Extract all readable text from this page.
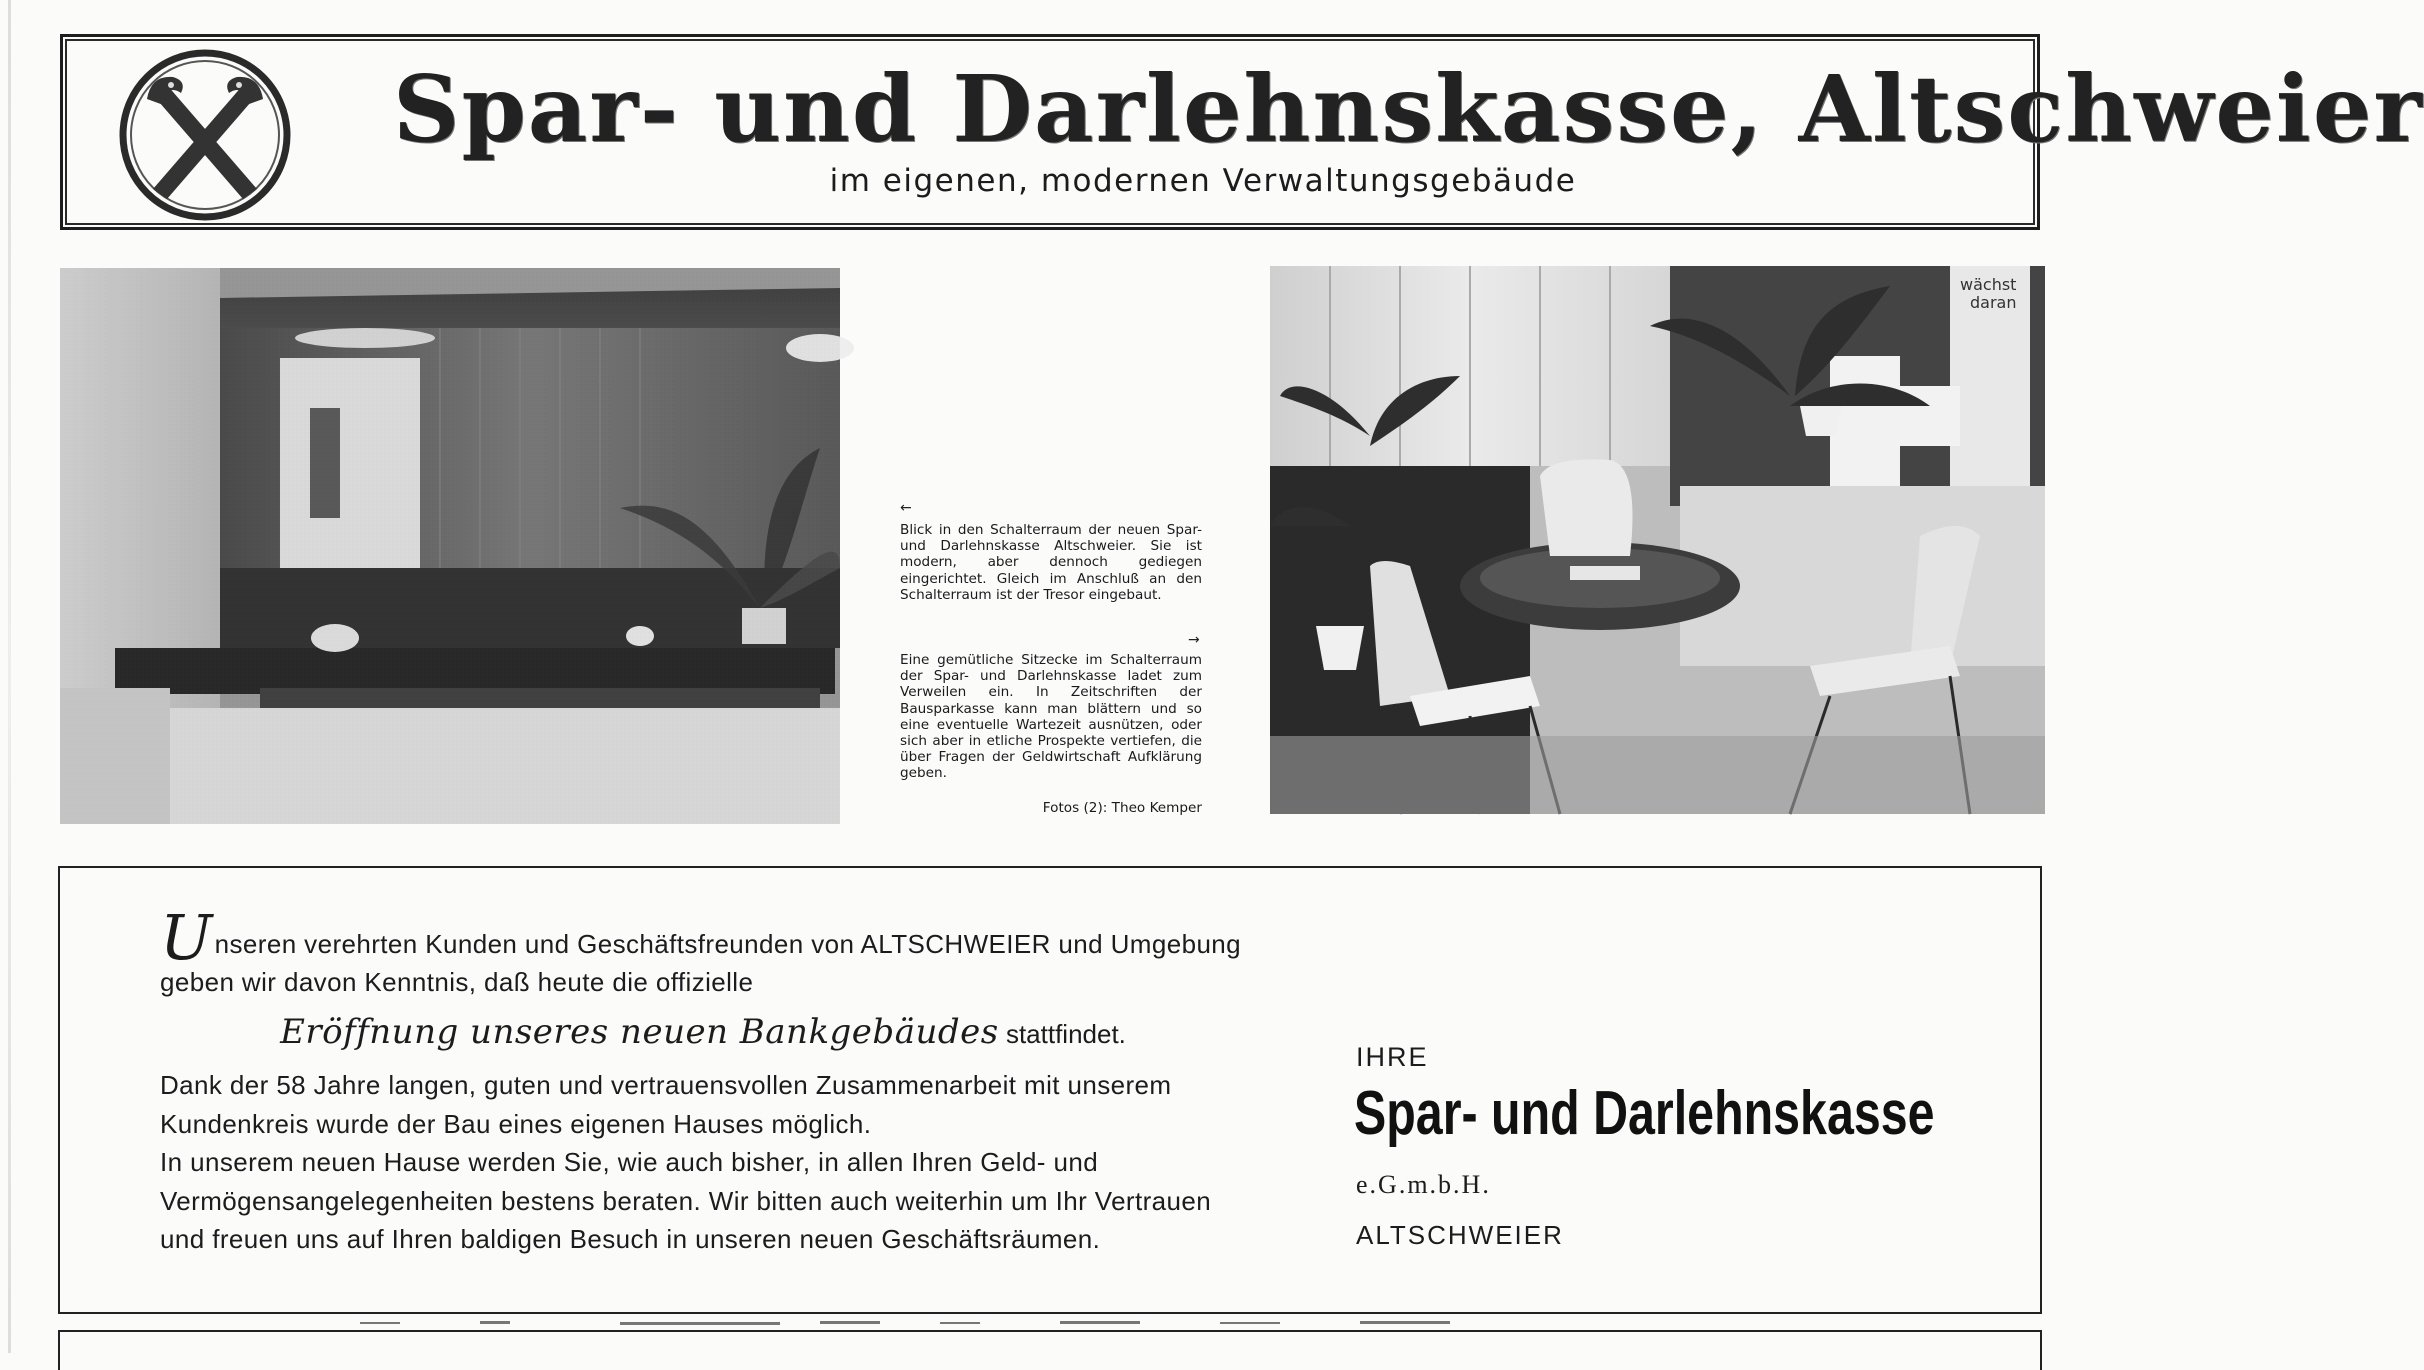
Spar- und Darlehnskasse, Altschweier
im eigenen, modernen Verwaltungsgebäude
←
Blick in den Schalterraum der neuen Spar- und Darlehnskasse Altschweier. Sie ist modern, aber dennoch gediegen eingerichtet. Gleich im Anschluß an den Schalterraum ist der Tresor eingebaut.
→
Eine gemütliche Sitzecke im Schalterraum der Spar- und Darlehnskasse ladet zum Verweilen ein. In Zeitschriften der Bausparkasse kann man blättern und so eine eventuelle Wartezeit ausnützen, oder sich aber in etliche Prospekte vertiefen, die über Fragen der Geldwirtschaft Aufklärung geben.
Fotos (2): Theo Kemper
wächst
daran
Unseren verehrten Kunden und Geschäftsfreunden von ALTSCHWEIER und Umgebung geben wir davon Kenntnis, daß heute die offizielle
Eröffnung unseres neuen Bankgebäudes stattfindet.
Dank der 58 Jahre langen, guten und vertrauensvollen Zusammenarbeit mit unserem Kundenkreis wurde der Bau eines eigenen Hauses möglich.
In unserem neuen Hause werden Sie, wie auch bisher, in allen Ihren Geld- und Vermögensangelegenheiten bestens beraten. Wir bitten auch weiterhin um Ihr Vertrauen und freuen uns auf Ihren baldigen Besuch in unseren neuen Geschäftsräumen.
IHRE
Spar- und Darlehnskasse
e.G.m.b.H.
ALTSCHWEIER
